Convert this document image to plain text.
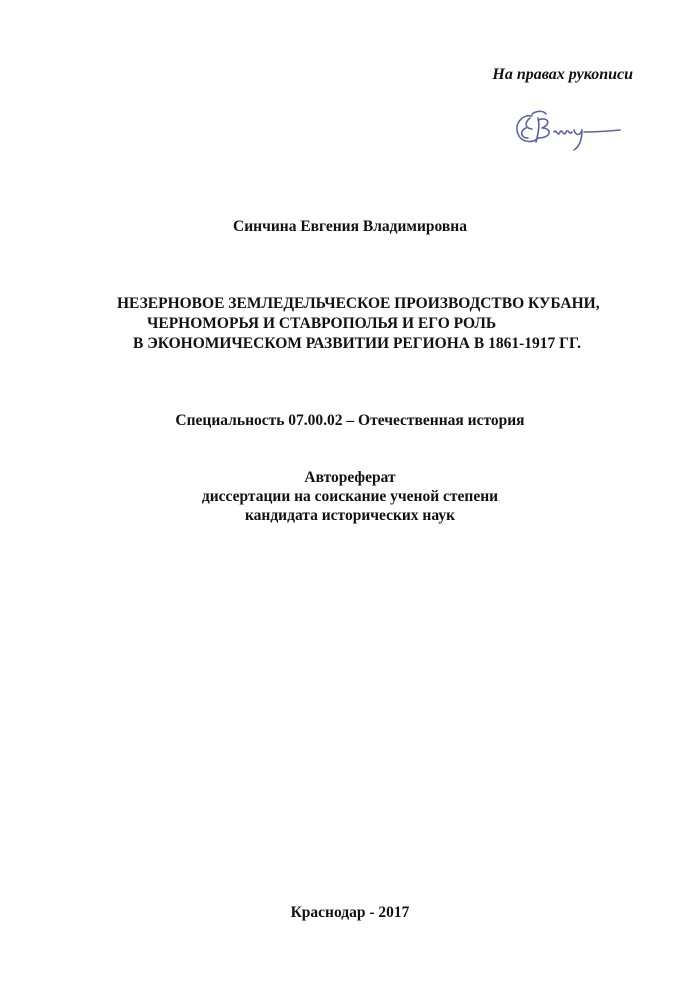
На правах рукописи
Синчина Евгения Владимировна
НЕЗЕРНОВОЕ ЗЕМЛЕДЕЛЬЧЕСКОЕ ПРОИЗВОДСТВО КУБАНИ,
ЧЕРНОМОРЬЯ И СТАВРОПОЛЬЯ И ЕГО РОЛЬ
В ЭКОНОМИЧЕСКОМ РАЗВИТИИ РЕГИОНА В 1861-1917 ГГ.
Специальность 07.00.02 – Отечественная история
Автореферат
диссертации на соискание ученой степени
кандидата исторических наук
Краснодар - 2017
